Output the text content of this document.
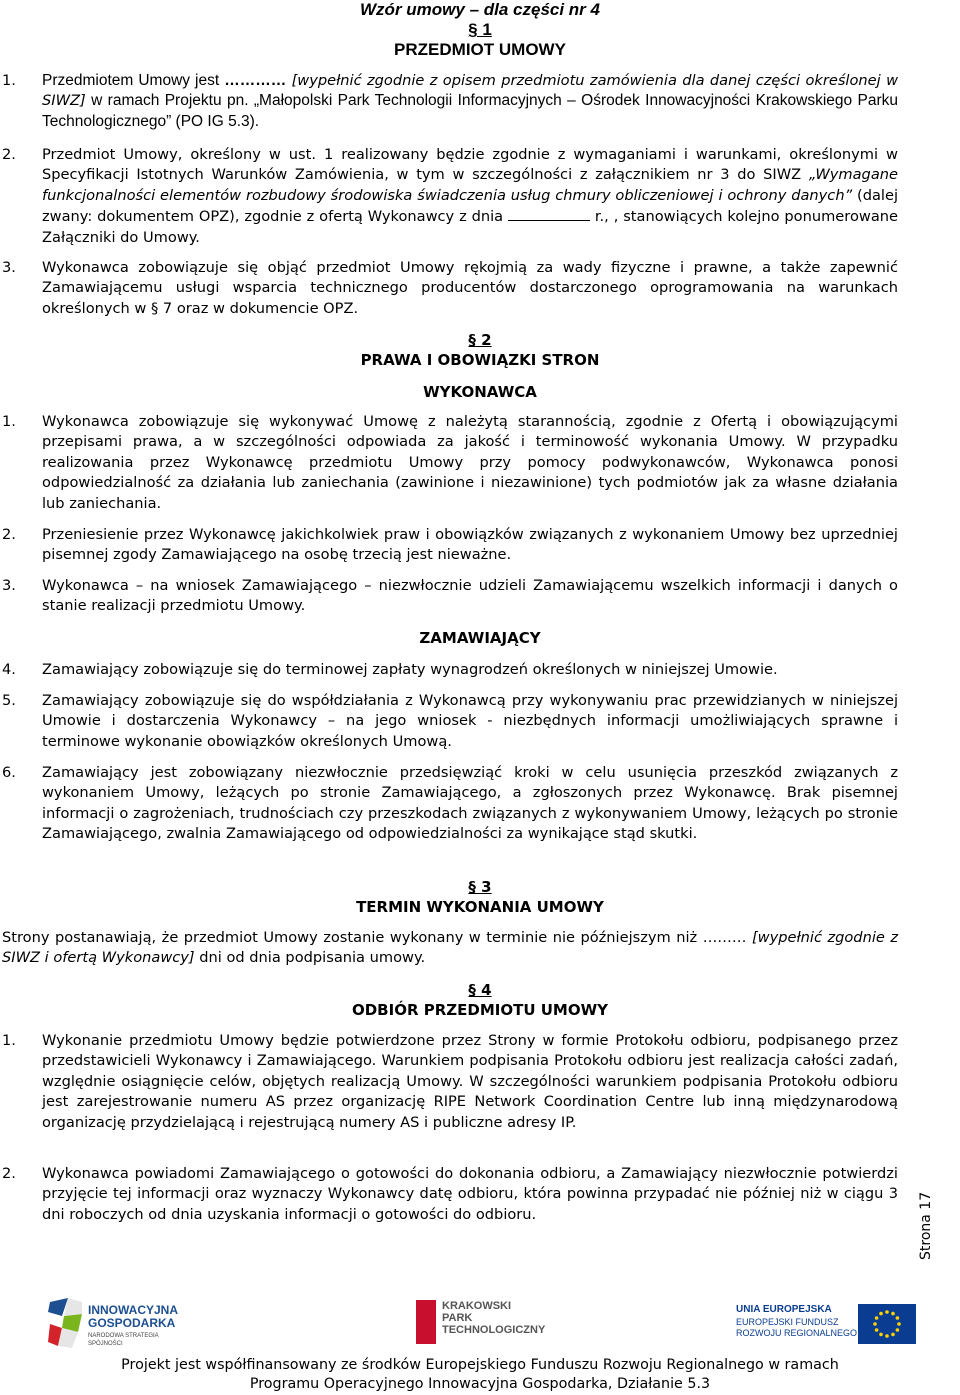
Wzór umowy – dla części nr 4
§ 1
PRZEDMIOT UMOWY
1.	Przedmiotem Umowy jest ………… [wypełnić zgodnie z opisem przedmiotu zamówienia dla danej części określonej w SIWZ] w ramach Projektu pn. „Małopolski Park Technologii Informacyjnych – Ośrodek Innowacyjności Krakowskiego Parku Technologicznego” (PO IG 5.3).
2.	Przedmiot Umowy, określony w ust. 1 realizowany będzie zgodnie z wymaganiami i warunkami, określonymi w Specyfikacji Istotnych Warunków Zamówienia, w tym w szczególności z załącznikiem nr 3 do SIWZ „Wymagane funkcjonalności elementów rozbudowy środowiska świadczenia usług chmury obliczeniowej i ochrony danych” (dalej zwany: dokumentem OPZ), zgodnie z ofertą Wykonawcy z dnia	r., , stanowiących kolejno ponumerowane Załączniki do Umowy.
3.	Wykonawca zobowiązuje się objąć przedmiot Umowy rękojmią za wady fizyczne i prawne, a także zapewnić Zamawiającemu usługi wsparcia technicznego producentów dostarczonego oprogramowania na warunkach określonych w § 7 oraz w dokumencie OPZ.
§ 2
PRAWA I OBOWIĄZKI STRON
WYKONAWCA
1.	Wykonawca zobowiązuje się wykonywać Umowę z należytą starannością, zgodnie z Ofertą i obowiązującymi przepisami prawa, a w szczególności odpowiada za jakość i terminowość wykonania Umowy. W przypadku realizowania przez Wykonawcę przedmiotu Umowy przy pomocy podwykonawców, Wykonawca ponosi odpowiedzialność za działania lub zaniechania (zawinione i niezawinione) tych podmiotów jak za własne działania lub zaniechania.
2.	Przeniesienie przez Wykonawcę jakichkolwiek praw i obowiązków związanych z wykonaniem Umowy bez uprzedniej pisemnej zgody Zamawiającego na osobę trzecią jest nieważne.
3.	Wykonawca – na wniosek Zamawiającego – niezwłocznie udzieli Zamawiającemu wszelkich informacji i danych o stanie realizacji przedmiotu Umowy.
ZAMAWIAJĄCY
4.	Zamawiający zobowiązuje się do terminowej zapłaty wynagrodzeń określonych w niniejszej Umowie.
5.	Zamawiający zobowiązuje się do współdziałania z Wykonawcą przy wykonywaniu prac przewidzianych w niniejszej Umowie i dostarczenia Wykonawcy – na jego wniosek - niezbędnych informacji umożliwiających sprawne i terminowe wykonanie obowiązków określonych Umową.
6.	Zamawiający jest zobowiązany niezwłocznie przedsięwziąć kroki w celu usunięcia przeszkód związanych z wykonaniem Umowy, leżących po stronie Zamawiającego, a zgłoszonych przez Wykonawcę. Brak pisemnej informacji o zagrożeniach, trudnościach czy przeszkodach związanych z wykonywaniem Umowy, leżących po stronie Zamawiającego, zwalnia Zamawiającego od odpowiedzialności za wynikające stąd skutki.
§ 3
TERMIN WYKONANIA UMOWY
Strony postanawiają, że przedmiot Umowy zostanie wykonany w terminie nie późniejszym niż ……… [wypełnić zgodnie z SIWZ i ofertą Wykonawcy] dni od dnia podpisania umowy.
§ 4
ODBIÓR PRZEDMIOTU UMOWY
1.	Wykonanie przedmiotu Umowy będzie potwierdzone przez Strony w formie Protokołu odbioru, podpisanego przez przedstawicieli Wykonawcy i Zamawiającego. Warunkiem podpisania Protokołu odbioru jest realizacja całości zadań, względnie osiągnięcie celów, objętych realizacją Umowy. W szczególności warunkiem podpisania Protokołu odbioru jest zarejestrowanie numeru AS przez organizację RIPE Network Coordination Centre lub inną międzynarodową organizację przydzielającą i rejestrującą numery AS i publiczne adresy IP.
2.	Wykonawca powiadomi Zamawiającego o gotowości do dokonania odbioru, a Zamawiający niezwłocznie potwierdzi przyjęcie tej informacji oraz wyznaczy Wykonawcy datę odbioru, która powinna przypadać nie później niż w ciągu 3 dni roboczych od dnia uzyskania informacji o gotowości do odbioru.	Strona 17
INNOWACYJNA
GOSPODARKA
NARODOWA STRATEGIA SPÓJNOŚCI
KRAKOWSKI
PARK
TECHNOLOGICZNY
UNIA EUROPEJSKA
EUROPEJSKI FUNDUSZ
ROZWOJU REGIONALNEGO
Projekt jest współfinansowany ze środków Europejskiego Funduszu Rozwoju Regionalnego w ramach
Programu Operacyjnego Innowacyjna Gospodarka, Działanie 5.3
